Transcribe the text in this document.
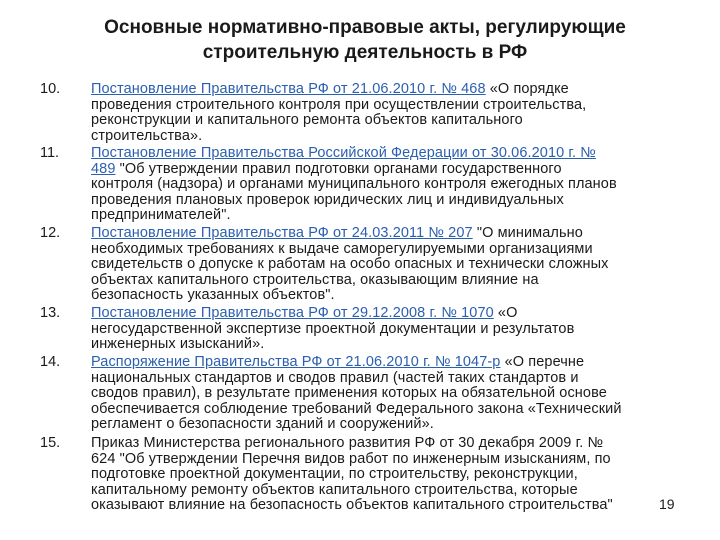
Основные нормативно-правовые акты, регулирующие
строительную деятельность в РФ
10.	Постановление Правительства РФ от 21.06.2010 г. № 468 «О порядке
проведения строительного контроля при осуществлении строительства,
реконструкции и капитального ремонта объектов капитального
строительства».
11.	Постановление Правительства Российской Федерации от 30.06.2010 г. №
489 "Об утверждении правил подготовки органами государственного
контроля (надзора) и органами муниципального контроля ежегодных планов
проведения плановых проверок юридических лиц и индивидуальных
предпринимателей".
12.	Постановление Правительства РФ от 24.03.2011 № 207 "О минимально
необходимых требованиях к выдаче саморегулируемыми организациями
свидетельств о допуске к работам на особо опасных и технически сложных
объектах капитального строительства, оказывающим влияние на
безопасность указанных объектов".
13.	Постановление Правительства РФ от 29.12.2008 г. № 1070 «О
негосударственной экспертизе проектной документации и результатов
инженерных изысканий».
14.	Распоряжение Правительства РФ от 21.06.2010 г. № 1047-р «О перечне
национальных стандартов и сводов правил (частей таких стандартов и
сводов правил), в результате применения которых на обязательной основе
обеспечивается соблюдение требований Федерального закона «Технический
регламент о безопасности зданий и сооружений».
15.	Приказ Министерства регионального развития РФ от 30 декабря 2009 г. №
624 "Об утверждении Перечня видов работ по инженерным изысканиям, по
подготовке проектной документации, по строительству, реконструкции,
капитальному ремонту объектов капитального строительства, которые
оказывают влияние на безопасность объектов капитального строительства"	19
